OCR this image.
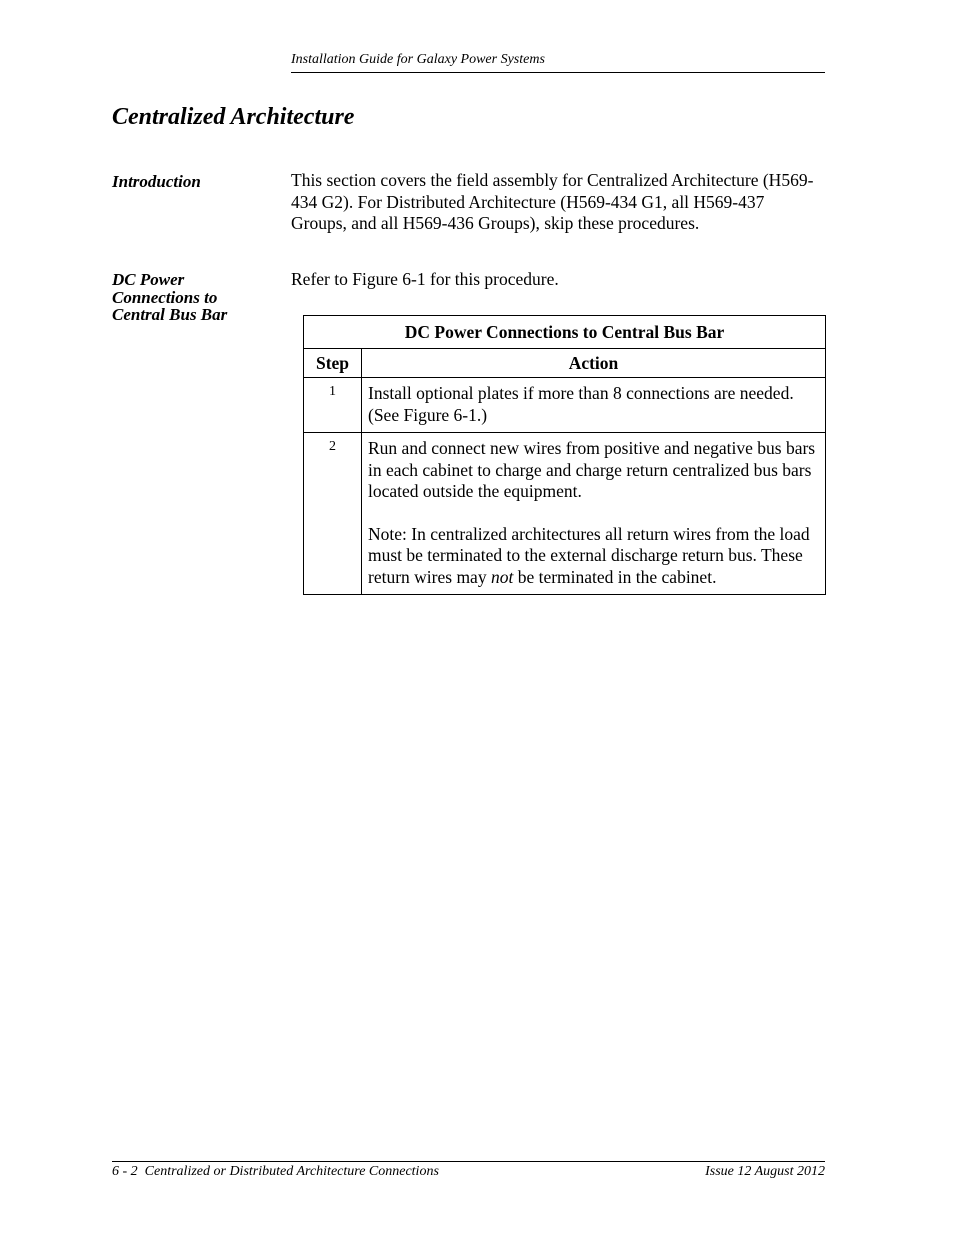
Installation Guide for Galaxy Power Systems
Centralized Architecture
Introduction	This section covers the field assembly for Centralized Architecture (H569-434 G2). For Distributed Architecture (H569-434 G1, all H569-437 Groups, and all H569-436 Groups), skip these procedures.

DC Power
Connections to
Central Bus Bar

Refer to Figure 6-1 for this procedure.

DC Power Connections to Central Bus Bar	
Step	Action
1	Install optional plates if more than 8 connections are needed. (See Figure 6-1.)
2	Run and connect new wires from positive and negative bus bars in each cabinet to charge and charge return centralized bus bars located outside the equipment.
Note: In centralized architectures all return wires from the load must be terminated to the external discharge return bus. These return wires may not be terminated in the cabinet.
6 - 2  Centralized or Distributed Architecture Connections	Issue 12 August 2012
